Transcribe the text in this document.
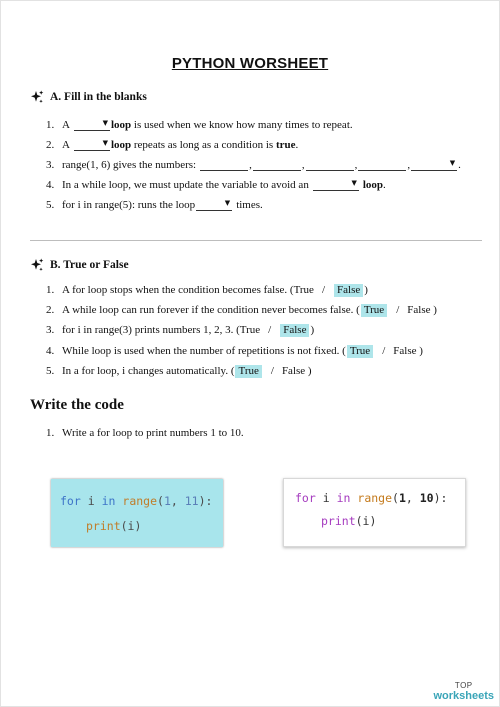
PYTHON WORSHEET
A. Fill in the blanks
1. A	▼ loop is used when we know how many times to repeat.
2. A	▼ loop repeats as long as a condition is true .
3. range(1, 6) gives the numbers:	,	,	,	,	▼ .
4. In a while loop, we must update the variable to avoid an	▼ loop .
5. for i in range(5): runs the loop	▼ times.
B. True or False
1. A for loop stops when the condition becomes false. (True / False )
2. A while loop can run forever if the condition never becomes false. ( True / False )
3. for i in range(3) prints numbers 1, 2, 3. (True / False )
4. While loop is used when the number of repetitions is not fixed. ( True / False )
5. In a for loop, i changes automatically. ( True / False )
Write the code
1. Write a for loop to print numbers 1 to 10.
for i in range(1, 11):
print(i)
for i in range(1, 10):
print(i)
TOP
worksheets
